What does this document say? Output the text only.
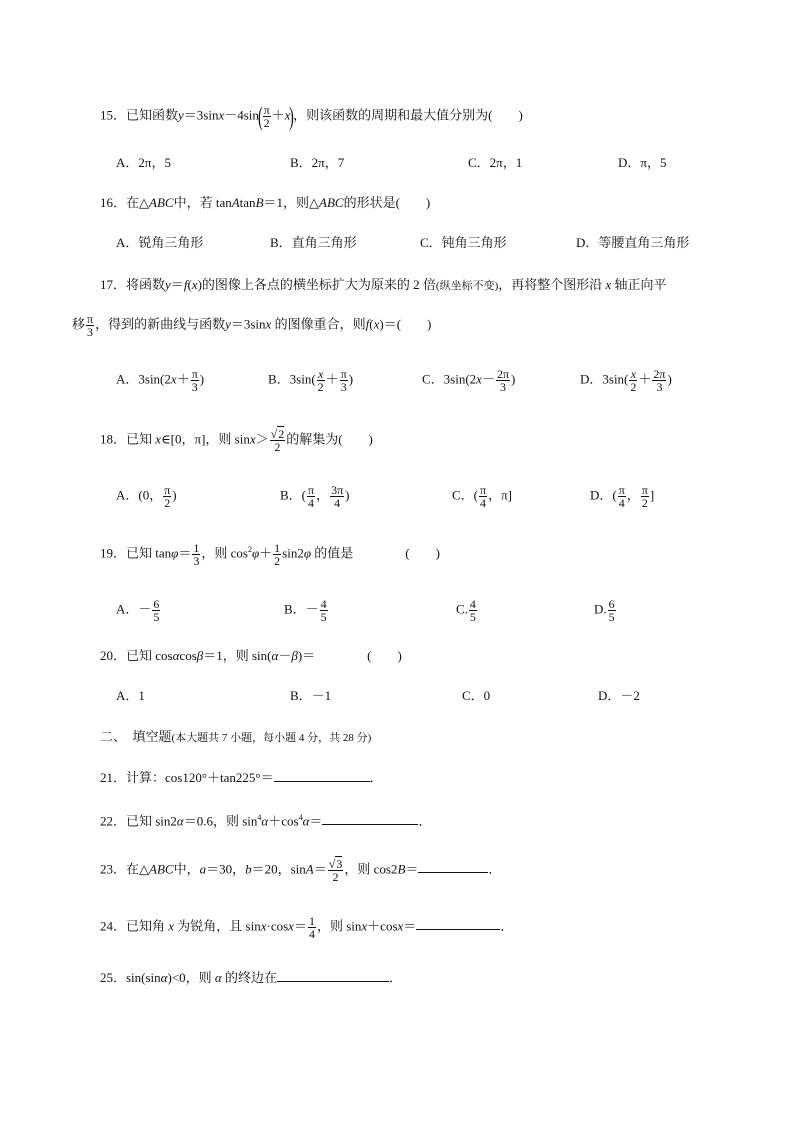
15．已知函数$y=3\sin x-4\sin( \frac{\pi}{2} +x)$，则该函数的周期和最大值分别为(　　)
A．2π，5	B．2π，7	C．2π，1	D．π，5
16．在△ABC中，若 tanAtanB＝1，则△ABC的形状是(　　)
A．锐角三角形	B．直角三角形	C．钝角三角形	D．等腰直角三角形
17．将函数y＝f(x)的图像上各点的横坐标扩大为原来的 2 倍(纵坐标不变)，再将整个图形沿 x 轴正向平
移 $\frac{\pi}{3}$ ，得到的新曲线与函数y＝3sinx 的图像重合，则f(x)＝(　　)
A．$3\sin(2x+ \frac{\pi}{3}$ )	B．$3\sin( \frac{x}{2} + \frac{\pi}{3}$ )	C．$3\sin(2x- \frac{2\pi}{3}$ )	D．$3\sin( \frac{x}{2} + \frac{2\pi}{3}$ )
18．已知 x∈[0，π]，则 $\sin x> \frac{√2}{2}$ 的解集为(　　)
A．(0， $\frac{\pi}{2}$ )	B．( $\frac{\pi}{4}$ ， $\frac{3\pi}{4}$ )	C．( $\frac{\pi}{4}$ ，π]	D．( $\frac{\pi}{4}$ ， $\frac{\pi}{2}$ ]
19．已知 $\tan\varphi= \frac{1}{3}$ ，则 $\cos^2\varphi+ \frac{1}{2} \sin 2\varphi$ 的值是　　　　(　　)
A．－ $\frac{6}{5}$	B．－ $\frac{4}{5}$	C. $\frac{4}{5}$	D. $\frac{6}{5}$
20．已知 cosαcosβ＝1，则 sin(α－β)＝　　　　(　　)
A．1	B．－1	C．0	D．－2
二、　填空题(本大题共 7 小题，每小题 4 分，共 28 分)
21．计算：cos120°＋tan225°＝	．
22．已知 sin2α＝0.6，则 $\sin^4\alpha+\cos^4\alpha=$	．
23．在△ABC中，a＝30，b＝20，$\sin A= \frac{√3}{2}$ ，则 cos2B＝	．
24．已知角 x 为锐角，且 $\sin x\cdot\cos x= \frac{1}{4}$ ，则 sinx＋cosx＝	．
25．sin(sinα)<0，则 α 的终边在	．
